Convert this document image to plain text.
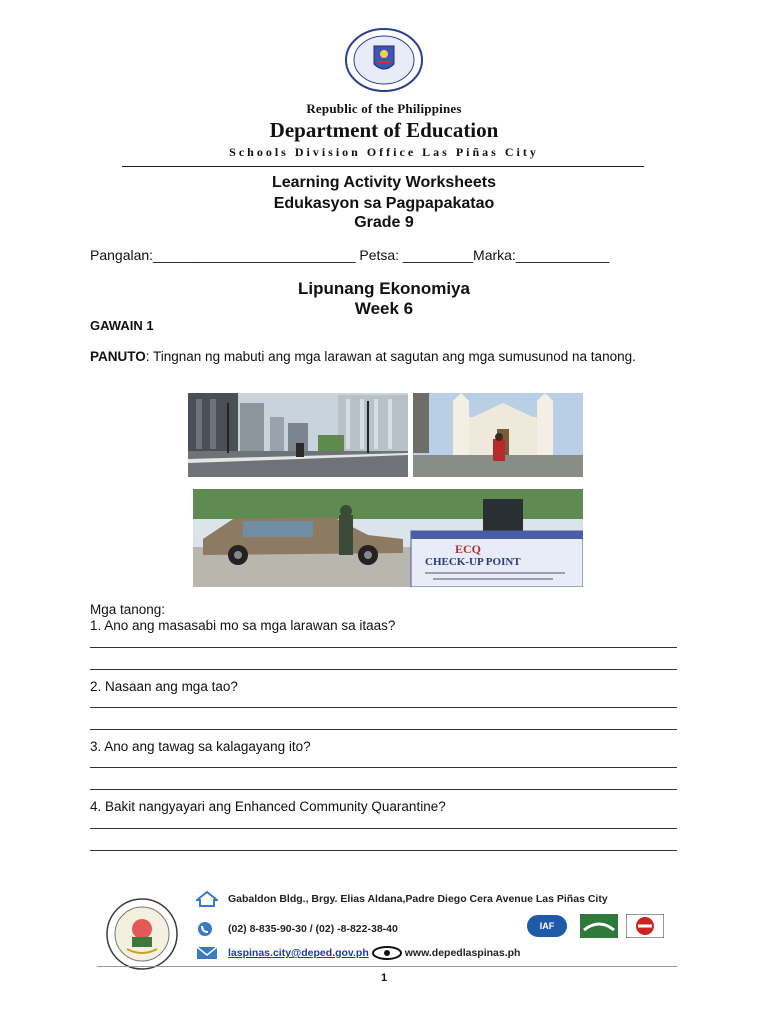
Republic of the Philippines
Department of Education
Schools Division Office Las Piñas City
Learning Activity Worksheets
Edukasyon sa Pagpapakatao
Grade 9
Pangalan:__________________________ Petsa: _________Marka:____________
Lipunang Ekonomiya
Week 6
GAWAIN 1
PANUTO: Tingnan ng mabuti ang mga larawan at sagutan ang mga sumusunod na tanong.
ECQ
CHECK-UP POINT
Mga tanong:
1. Ano ang masasabi mo sa mga larawan sa itaas?
2. Nasaan ang mga tao?
3. Ano ang tawag sa kalagayang ito?
4. Bakit nangyayari ang Enhanced Community Quarantine?
Gabaldon Bldg., Brgy. Elias Aldana,Padre Diego Cera Avenue Las Piñas City
(02) 8-835-90-30 / (02) -8-822-38-40
laspinas.city@deped.gov.ph	www.depedlaspinas.ph
IAF
1
